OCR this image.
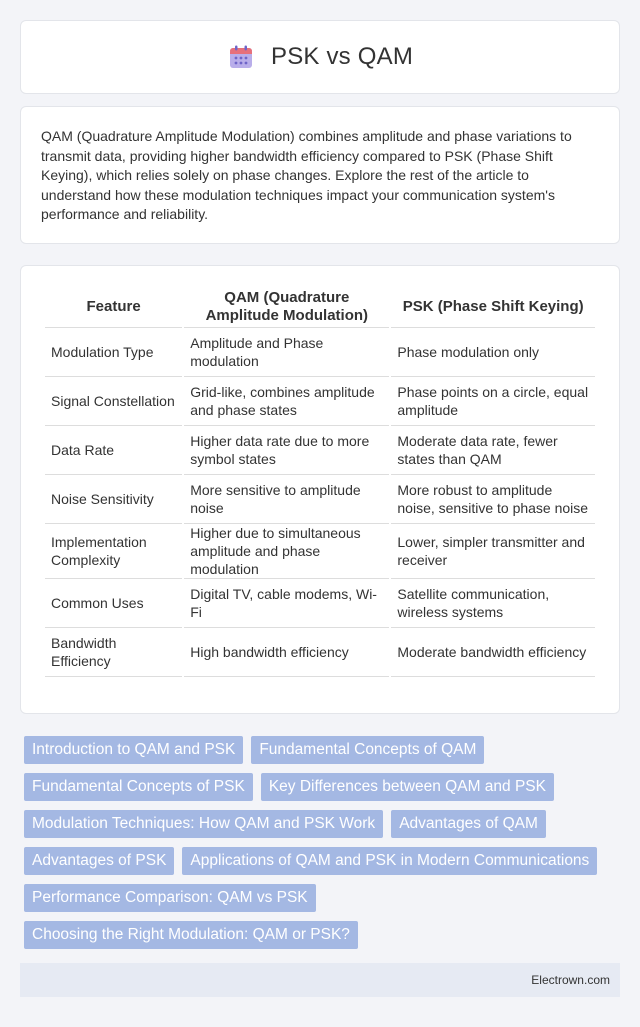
PSK vs QAM

QAM (Quadrature Amplitude Modulation) combines amplitude and phase variations to transmit data, providing higher bandwidth efficiency compared to PSK (Phase Shift Keying), which relies solely on phase changes. Explore the rest of the article to understand how these modulation techniques impact your communication system's performance and reliability.

Feature	QAM (Quadrature Amplitude Modulation)	PSK (Phase Shift Keying)
Modulation Type	Amplitude and Phase modulation	Phase modulation only
Signal Constellation	Grid-like, combines amplitude and phase states	Phase points on a circle, equal amplitude
Data Rate	Higher data rate due to more symbol states	Moderate data rate, fewer states than QAM
Noise Sensitivity	More sensitive to amplitude noise	More robust to amplitude noise, sensitive to phase noise
Implementation Complexity	Higher due to simultaneous amplitude and phase modulation	Lower, simpler transmitter and receiver
Common Uses	Digital TV, cable modems, Wi-Fi	Satellite communication, wireless systems
Bandwidth Efficiency	High bandwidth efficiency	Moderate bandwidth efficiency
Introduction to QAM and PSK	Fundamental Concepts of QAM
Fundamental Concepts of PSK	Key Differences between QAM and PSK
Modulation Techniques: How QAM and PSK Work	Advantages of QAM
Advantages of PSK	Applications of QAM and PSK in Modern Communications
Performance Comparison: QAM vs PSK
Choosing the Right Modulation: QAM or PSK?
Electrown.com
